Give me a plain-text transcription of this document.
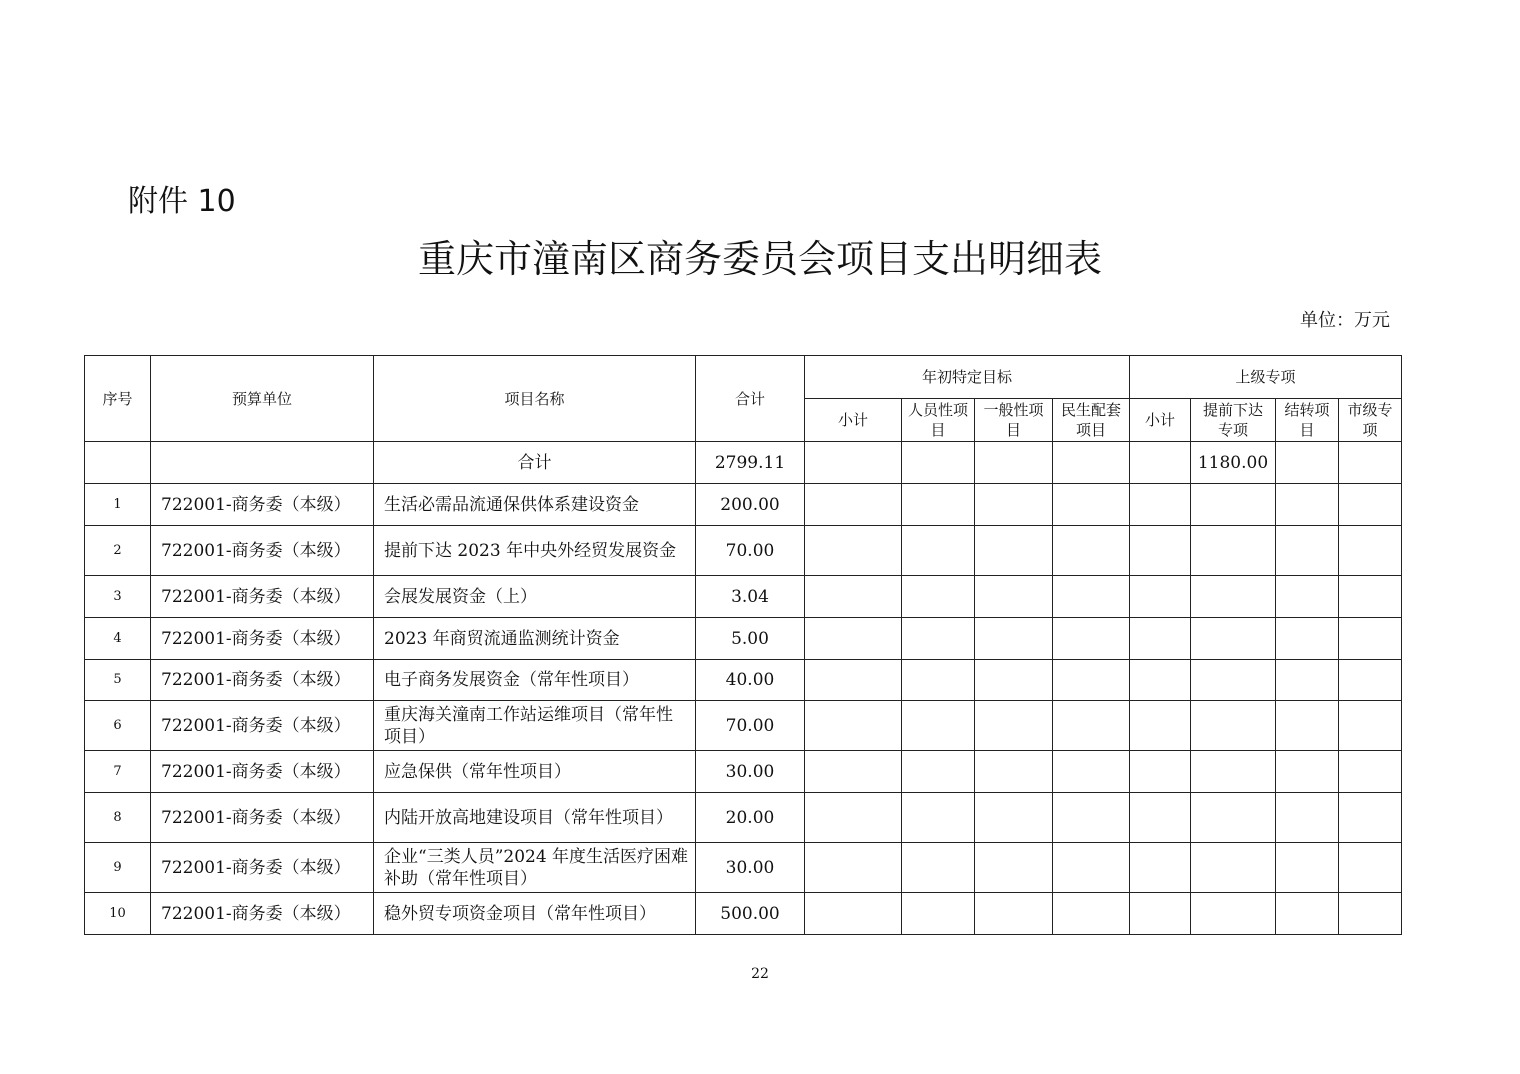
附件 10
重庆市潼南区商务委员会项目支出明细表
单位：万元
序号	预算单位	项目名称	合计	年初特定目标				上级专项			
				小计	人员性项目	一般性项目	民生配套项目	小计	提前下达专项	结转项目	市级专项
		合计	2799.11						1180.00		
1	722001-商务委（本级）	生活必需品流通保供体系建设资金	200.00								
2	722001-商务委（本级）	提前下达 2023 年中央外经贸发展资金	70.00								
3	722001-商务委（本级）	会展发展资金（上）	3.04								
4	722001-商务委（本级）	2023 年商贸流通监测统计资金	5.00								
5	722001-商务委（本级）	电子商务发展资金（常年性项目）	40.00								
6	722001-商务委（本级）	重庆海关潼南工作站运维项目（常年性项目）	70.00								
7	722001-商务委（本级）	应急保供（常年性项目）	30.00								
8	722001-商务委（本级）	内陆开放高地建设项目（常年性项目）	20.00								
9	722001-商务委（本级）	企业“三类人员”2024 年度生活医疗困难补助（常年性项目）	30.00								
10	722001-商务委（本级）	稳外贸专项资金项目（常年性项目）	500.00								
22
